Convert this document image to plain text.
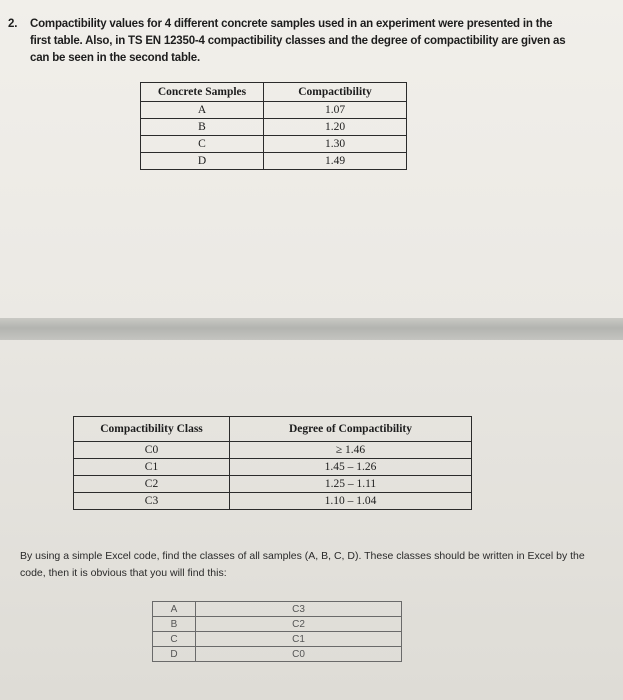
2. Compactibility values for 4 different concrete samples used in an experiment were presented in the first table. Also, in TS EN 12350-4 compactibility classes and the degree of compactibility are given as can be seen in the second table.
Concrete Samples	Compactibility
A	1.07
B	1.20
C	1.30
D	1.49
Compactibility Class	Degree of Compactibility
C0	≥ 1.46
C1	1.45 – 1.26
C2	1.25 – 1.11
C3	1.10 – 1.04
By using a simple Excel code, find the classes of all samples (A, B, C, D). These classes should be written in Excel by the code, then it is obvious that you will find this:
A	C3
B	C2
C	C1
D	C0
